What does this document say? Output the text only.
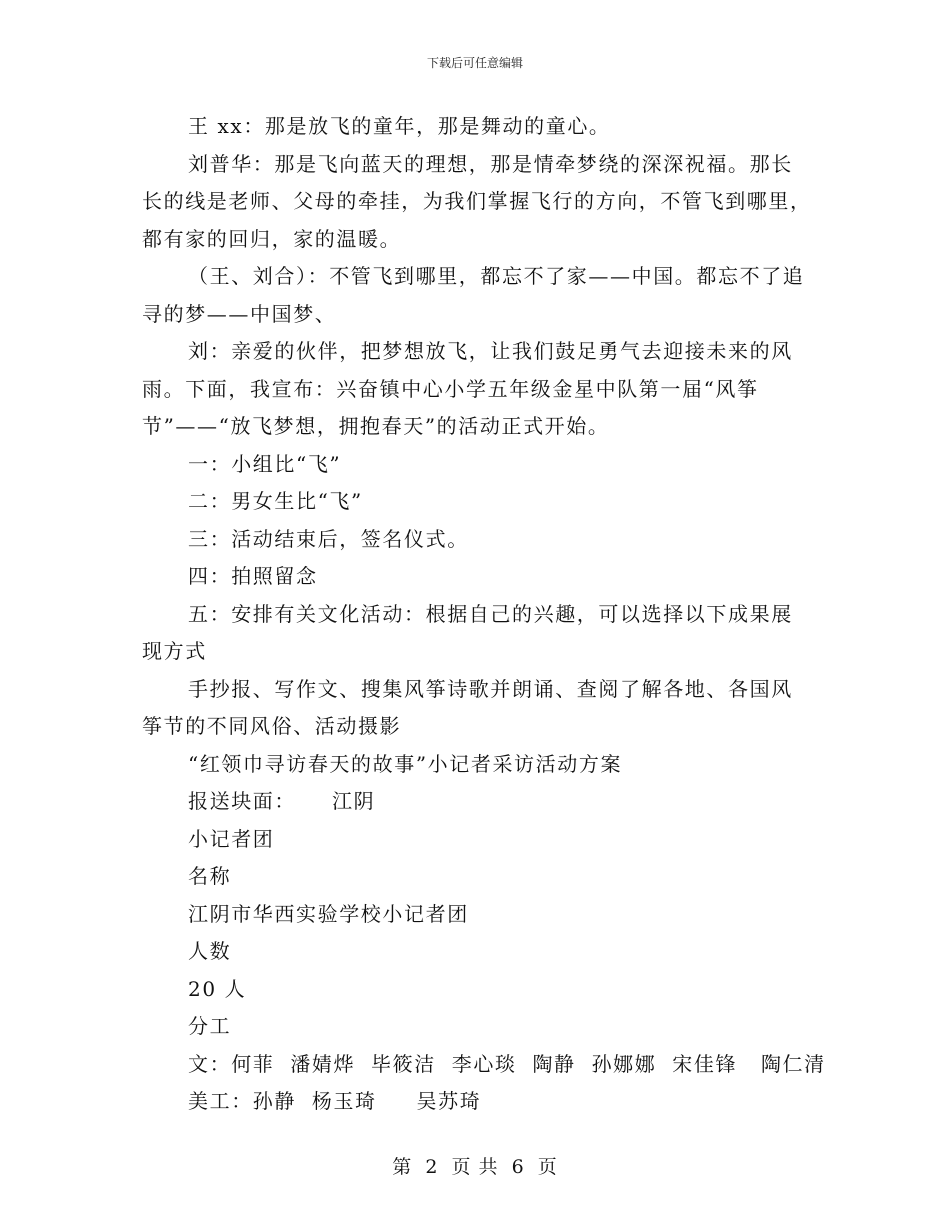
下载后可任意编辑

王 xx：那是放飞的童年，那是舞动的童心。

刘普华：那是飞向蓝天的理想，那是情牵梦绕的深深祝福。那长长的线是老师、父母的牵挂，为我们掌握飞行的方向，不管飞到哪里，都有家的回归，家的温暖。

（王、刘合）：不管飞到哪里，都忘不了家——中国。都忘不了追寻的梦——中国梦、

刘：亲爱的伙伴，把梦想放飞，让我们鼓足勇气去迎接未来的风雨。下面，我宣布：兴奋镇中心小学五年级金星中队第一届“风筝节”——“放飞梦想，拥抱春天”的活动正式开始。

一：小组比“飞”

二：男女生比“飞”

三：活动结束后，签名仪式。

四：拍照留念

五：安排有关文化活动：根据自己的兴趣，可以选择以下成果展现方式

手抄报、写作文、搜集风筝诗歌并朗诵、查阅了解各地、各国风筝节的不同风俗、活动摄影

“红领巾寻访春天的故事”小记者采访活动方案

报送块面： 江阴

小记者团

名称

江阴市华西实验学校小记者团

人数

20 人

分工

文：何菲  潘婧烨  毕筱洁  李心琰  陶静  孙娜娜  宋佳锋   陶仁清

美工：孙静  杨玉琦     吴苏琦

第 2 页 共 6 页
